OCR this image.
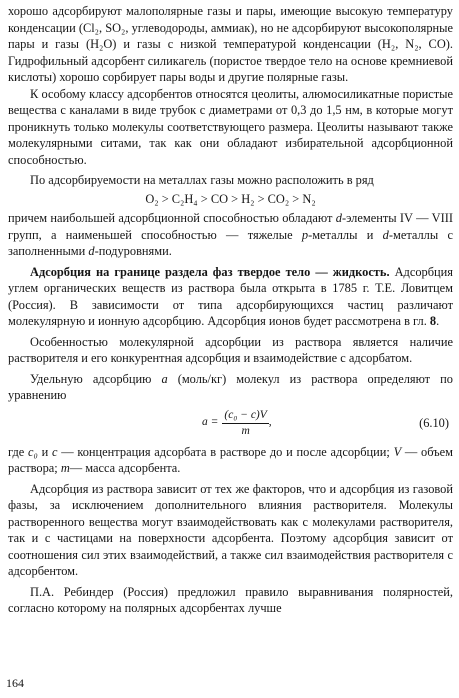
хорошо адсорбируют малополярные газы и пары, имеющие высокую температуру конденсации (Cl₂, SO₂, углеводороды, аммиак), но не адсорбируют высокополярные пары и газы (H₂O) и газы с низкой температурой конденсации (H₂, N₂, CO). Гидрофильный адсорбент силикагель (пористое твердое тело на основе кремниевой кислоты) хорошо сорбирует пары воды и другие полярные газы.

К особому классу адсорбентов относятся цеолиты, алюмосиликатные пористые вещества с каналами в виде трубок с диаметрами от 0,3 до 1,5 нм, в которые могут проникнуть только молекулы соответствующего размера. Цеолиты называют также молекулярными ситами, так как они обладают избирательной адсорбционной способностью.

По адсорбируемости на металлах газы можно расположить в ряд

O₂ > C₂H₄ > CO > H₂ > CO₂ > N₂

причем наибольшей адсорбционной способностью обладают d-элементы IV — VIII групп, а наименьшей способностью — тяжелые p-металлы и d-металлы с заполненными d-подуровнями.

Адсорбция на границе раздела фаз твердое тело — жидкость. Адсорбция углем органических веществ из раствора была открыта в 1785 г. Т.Е. Ловитцем (Россия). В зависимости от типа адсорбирующихся частиц различают молекулярную и ионную адсорбцию. Адсорбция ионов будет рассмотрена в гл. 8.

Особенностью молекулярной адсорбции из раствора является наличие растворителя и его конкурентная адсорбция и взаимодействие с адсорбатом.

Удельную адсорбцию a (моль/кг) молекул из раствора определяют по уравнению

$a = \frac{\text{(c₀ − c)V}}{m}$ ,	(6.10)

где c₀ и c — концентрация адсорбата в растворе до и после адсорбции; V — объем раствора; m— масса адсорбента.

Адсорбция из раствора зависит от тех же факторов, что и адсорбция из газовой фазы, за исключением дополнительного влияния растворителя. Молекулы растворенного вещества могут взаимодействовать как с молекулами растворителя, так и с частицами на поверхности адсорбента. Поэтому адсорбция зависит от соотношения сил этих взаимодействий, а также сил взаимодействия растворителя с адсорбентом.

П.А. Ребиндер (Россия) предложил правило выравнивания полярностей, согласно которому на полярных адсорбентах лучше

164
